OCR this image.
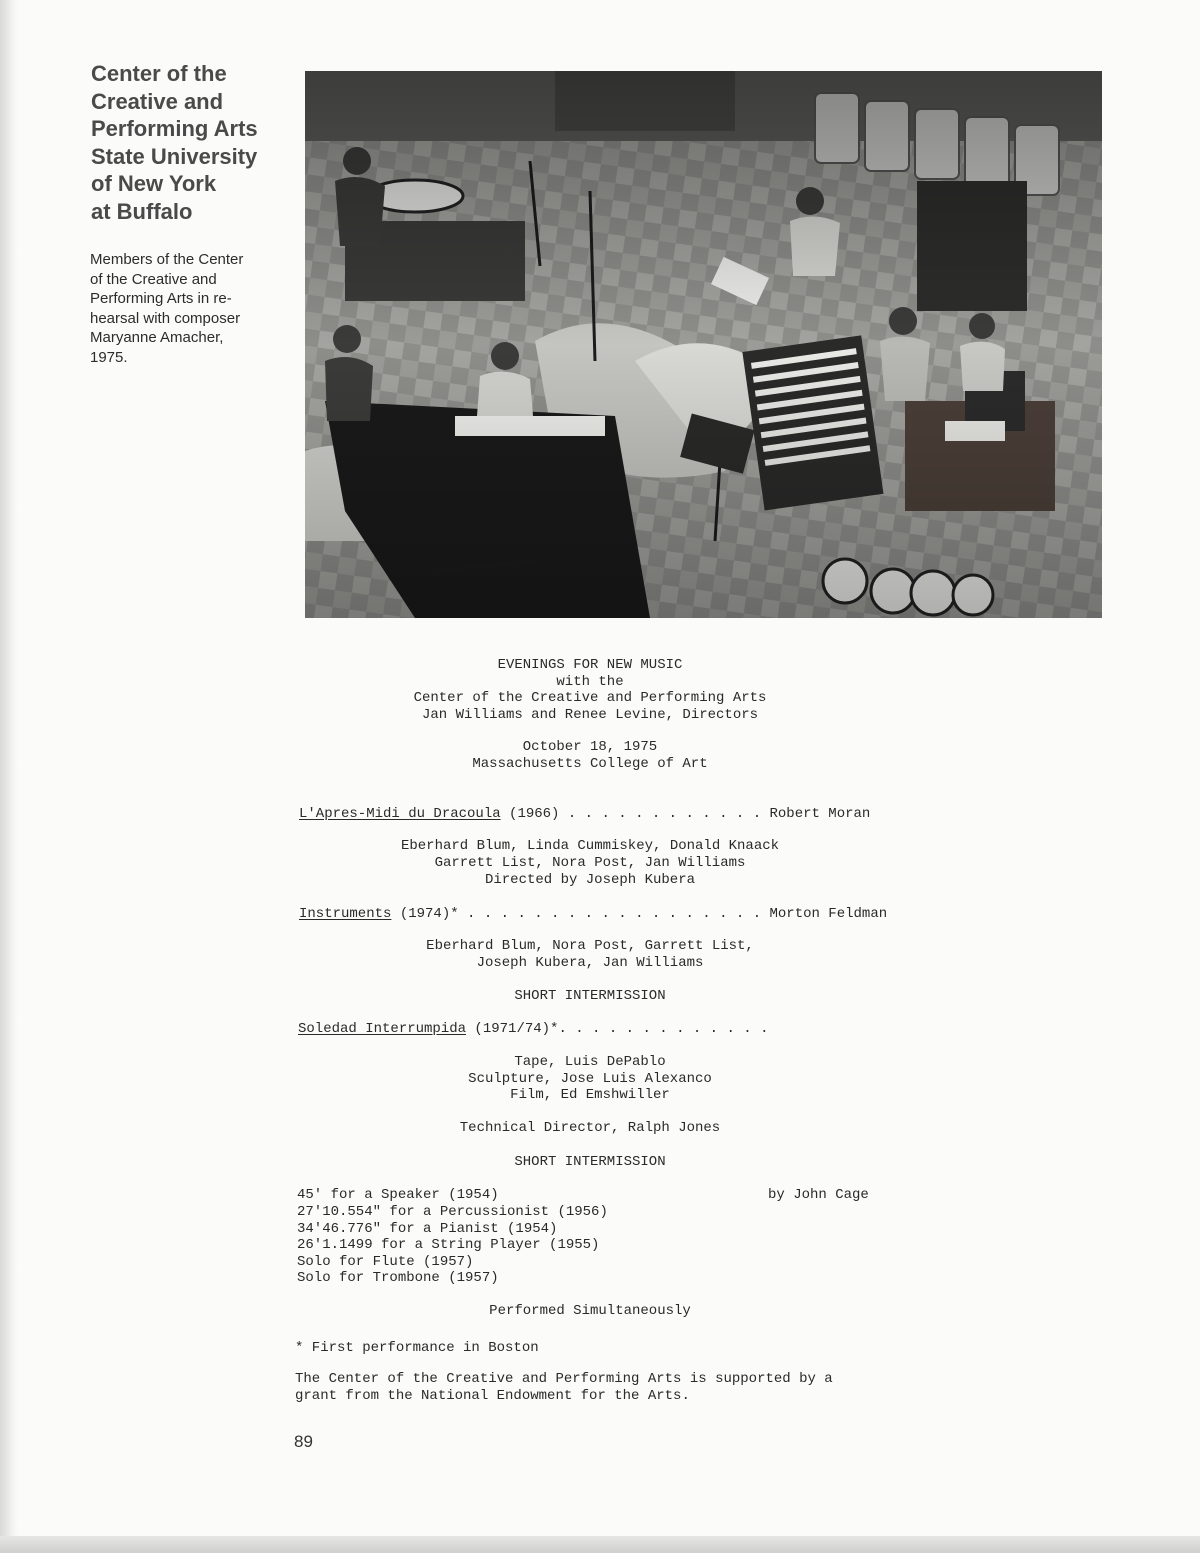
Center of the
Creative and
Performing Arts
State University
of New York
at Buffalo

Members of the Center
of the Creative and
Performing Arts in re-
hearsal with composer
Maryanne Amacher,
1975.

EVENINGS FOR NEW MUSIC
with the
Center of the Creative and Performing Arts
Jan Williams and Renee Levine, Directors
October 18, 1975
Massachusetts College of Art
L'Apres-Midi du Dracoula (1966) . . . . . . . . . . . . Robert Moran
Eberhard Blum, Linda Cummiskey, Donald Knaack
Garrett List, Nora Post, Jan Williams
Directed by Joseph Kubera
Instruments (1974)* . . . . . . . . . . . . . . . . . . Morton Feldman
Eberhard Blum, Nora Post, Garrett List,
Joseph Kubera, Jan Williams
SHORT INTERMISSION
Soledad Interrumpida (1971/74)*. . . . . . . . . . . . .
Tape, Luis DePablo
Sculpture, Jose Luis Alexanco
Film, Ed Emshwiller
Technical Director, Ralph Jones
SHORT INTERMISSION
45' for a Speaker (1954)
27'10.554" for a Percussionist (1956)
34'46.776" for a Pianist (1954)
26'1.1499 for a String Player (1955)
Solo for Flute (1957)
Solo for Trombone (1957)
by John Cage
Performed Simultaneously
* First performance in Boston
The Center of the Creative and Performing Arts is supported by a
grant from the National Endowment for the Arts.
89
